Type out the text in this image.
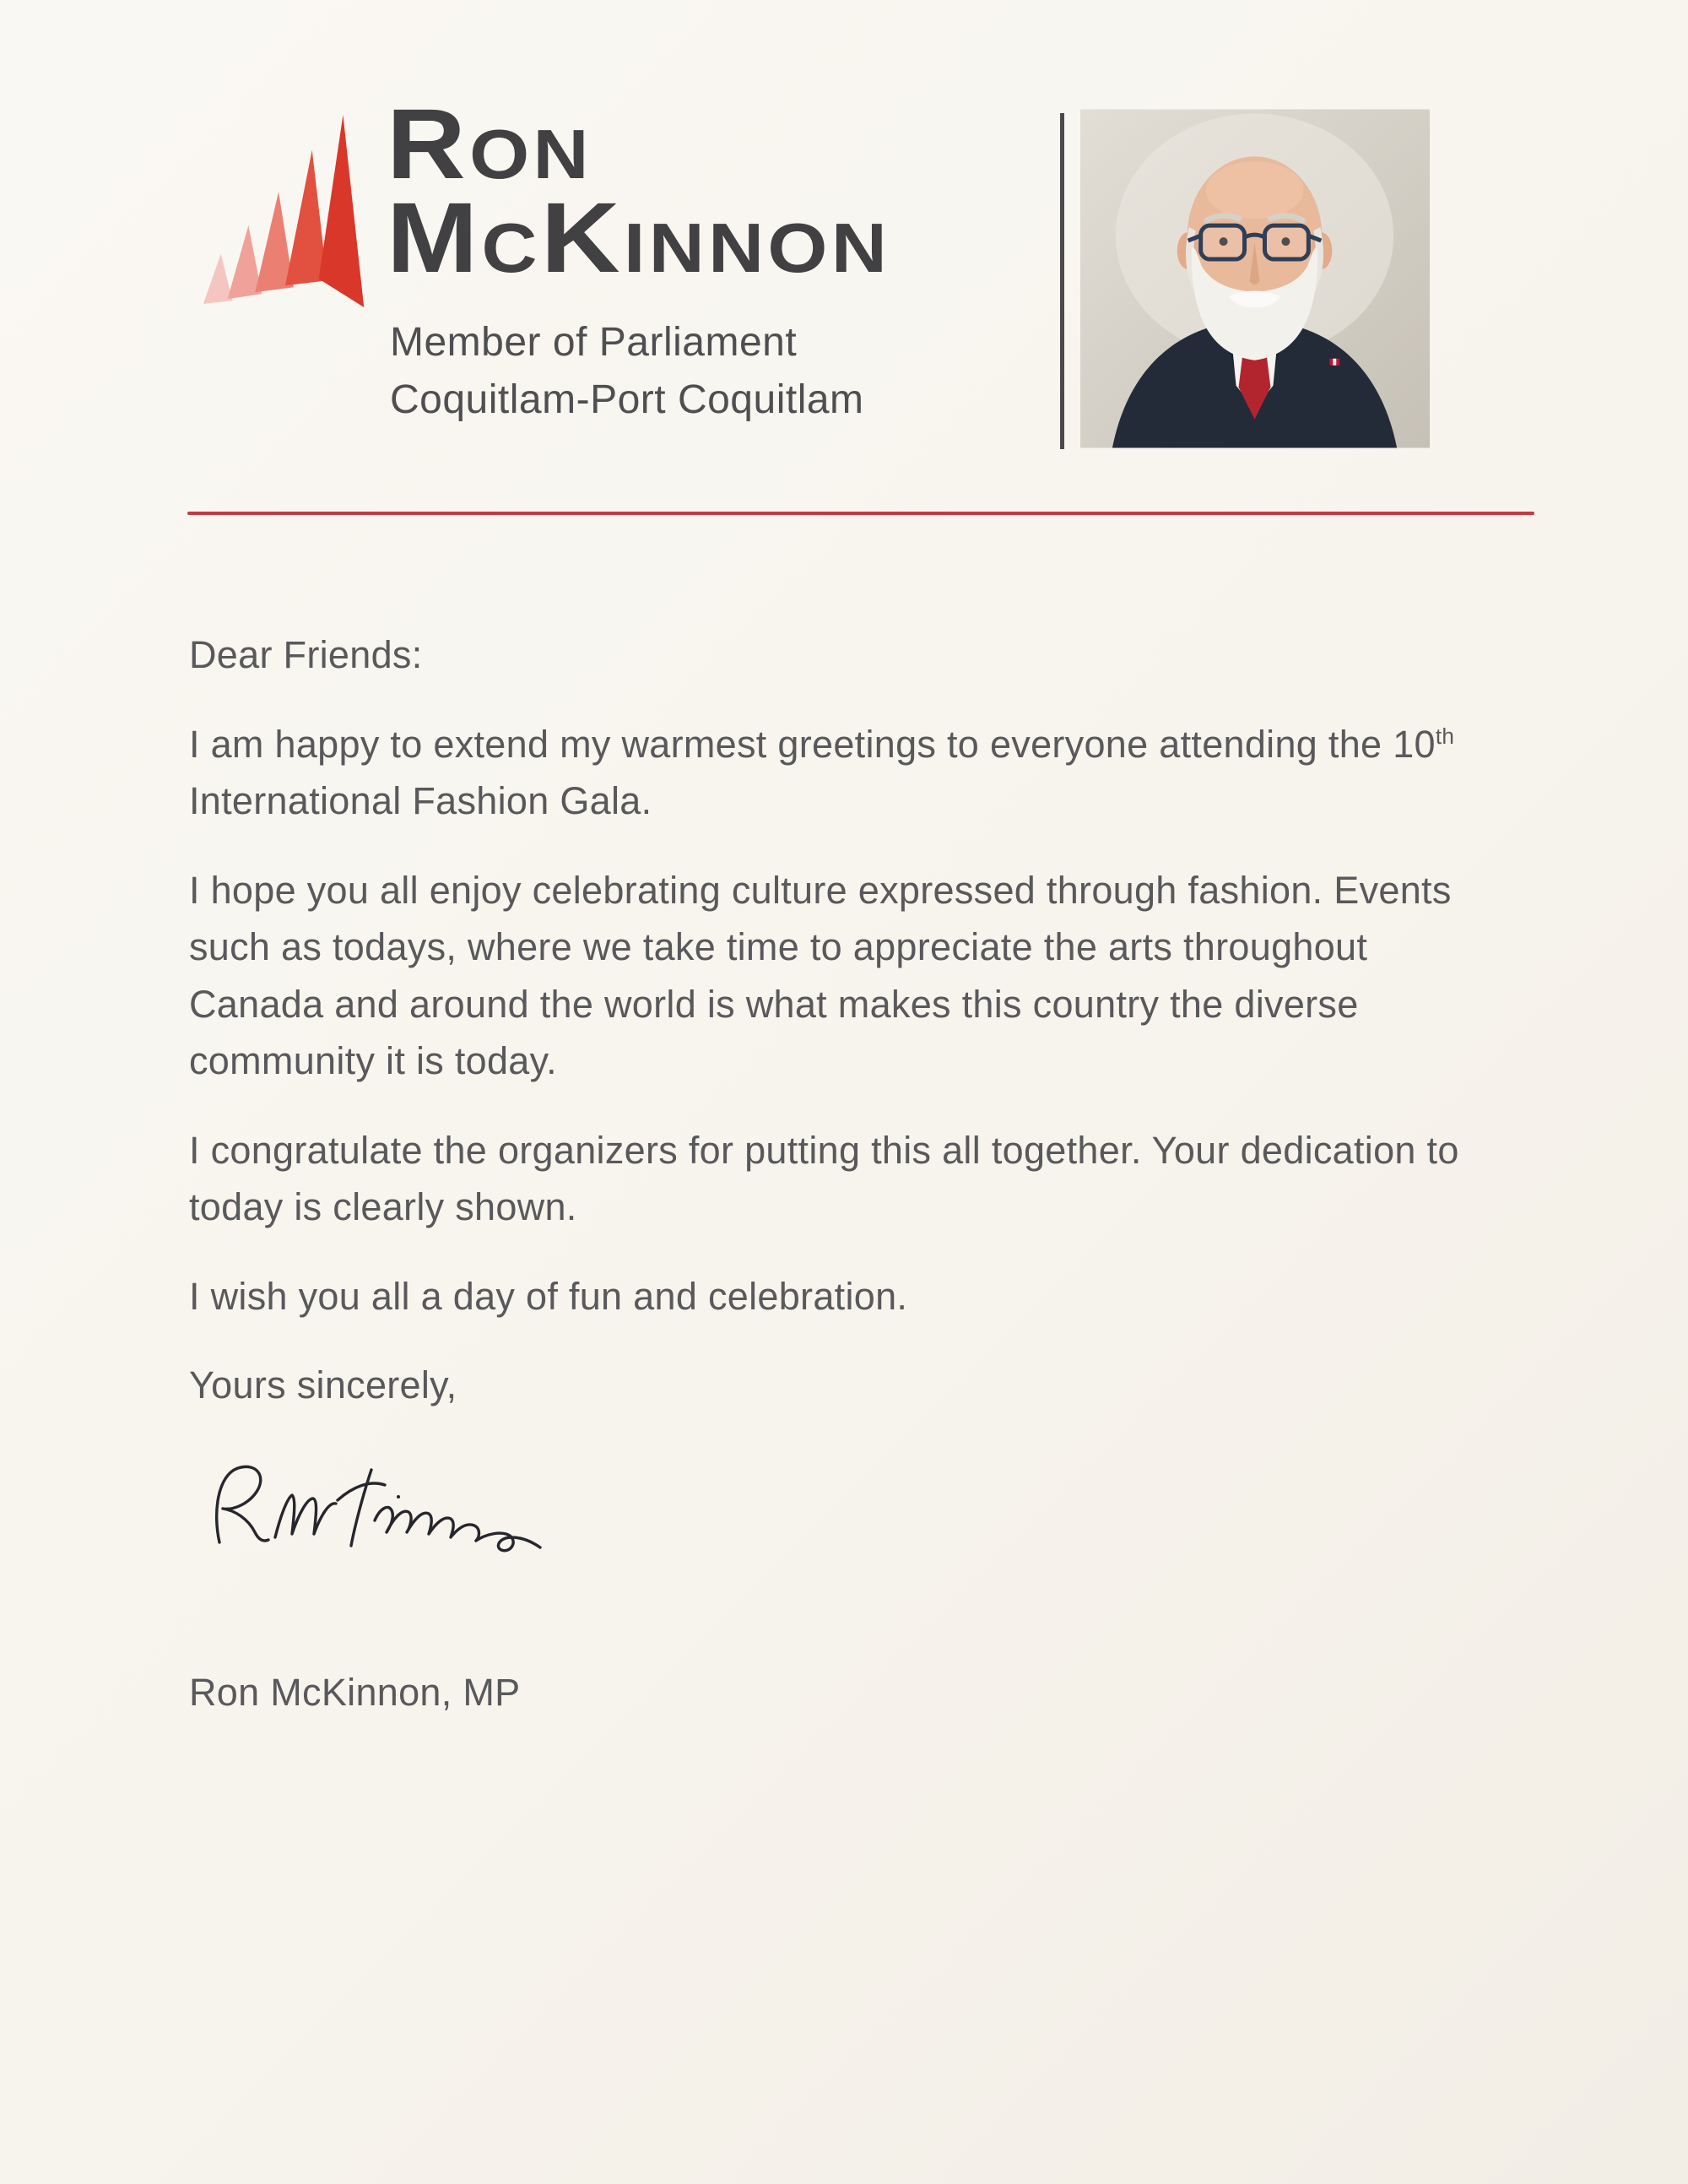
Ron
McKinnon
Member of Parliament
Coquitlam-Port Coquitlam

Dear Friends:

I am happy to extend my warmest greetings to everyone attending the 10th International Fashion Gala.

I hope you all enjoy celebrating culture expressed through fashion. Events such as todays, where we take time to appreciate the arts throughout Canada and around the world is what makes this country the diverse community it is today.

I congratulate the organizers for putting this all together. Your dedication to today is clearly shown.

I wish you all a day of fun and celebration.

Yours sincerely,

Ron McKinnon, MP
